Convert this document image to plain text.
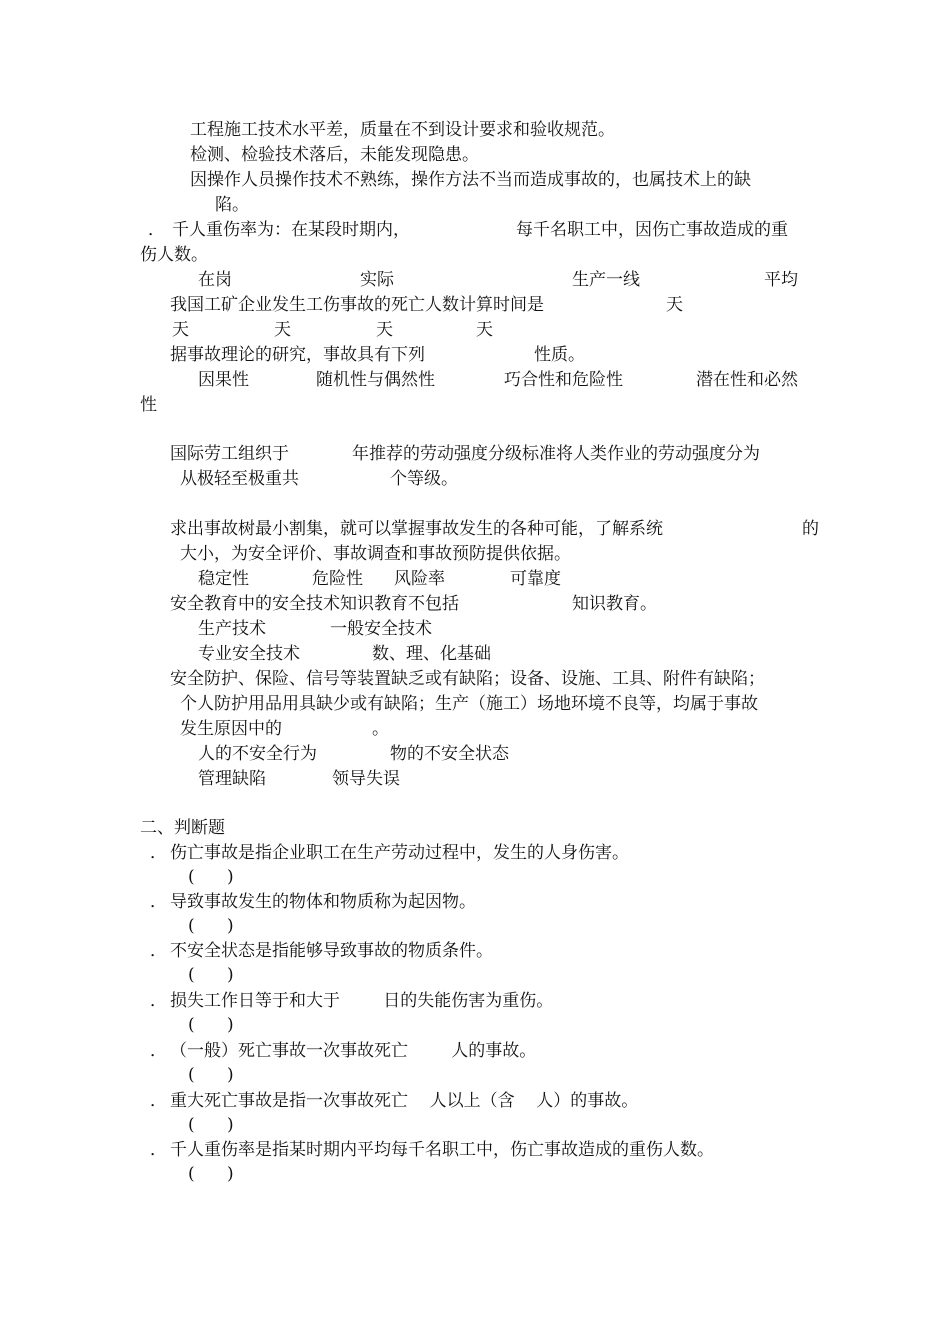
工程施工技术水平差，质量在不到设计要求和验收规范。
检测、检验技术落后，未能发现隐患。
因操作人员操作技术不熟练，操作方法不当而造成事故的，也属技术上的缺
陷。
． 千人重伤率为：在某段时期内，	每千名职工中，因伤亡事故造成的重
伤人数。
在岗	实际	生产一线	平均
我国工矿企业发生工伤事故的死亡人数计算时间是	天
天	天	天	天
据事故理论的研究，事故具有下列	性质。
因果性	随机性与偶然性	巧合性和危险性	潜在性和必然
性
国际劳工组织于	年推荐的劳动强度分级标准将人类作业的劳动强度分为
从极轻至极重共	个等级。
求出事故树最小割集，就可以掌握事故发生的各种可能，了解系统	的
大小，为安全评价、事故调查和事故预防提供依据。
稳定性	危险性 风险率	可靠度
安全教育中的安全技术知识教育不包括	知识教育。
生产技术	一般安全技术
专业安全技术	数、理、化基础
安全防护、保险、信号等装置缺乏或有缺陷；设备、设施、工具、附件有缺陷；
个人防护用品用具缺少或有缺陷；生产（施工）场地环境不良等，均属于事故
发生原因中的	。
人的不安全行为	物的不安全状态
管理缺陷	领导失误
二、判断题
． 伤亡事故是指企业职工在生产劳动过程中，发生的人身伤害。
(      )
． 导致事故发生的物体和物质称为起因物。
(      )
． 不安全状态是指能够导致事故的物质条件。
(      )
． 损失工作日等于和大于        日的失能伤害为重伤。
(      )
． （一般）死亡事故一次事故死亡        人的事故。
(      )
． 重大死亡事故是指一次事故死亡    人以上（含    人）的事故。
(      )
． 千人重伤率是指某时期内平均每千名职工中，伤亡事故造成的重伤人数。
(      )
